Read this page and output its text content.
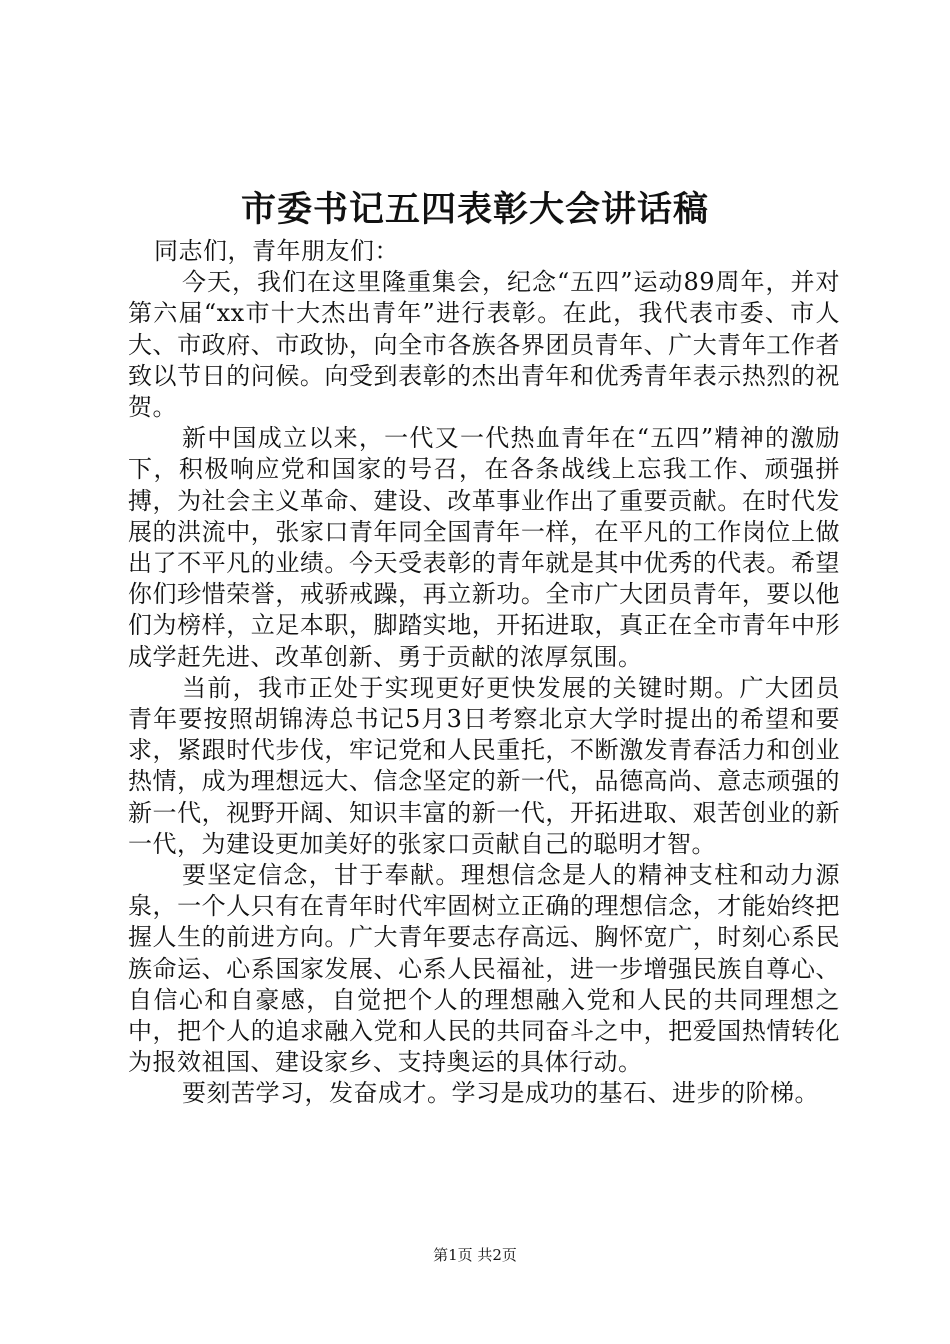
市委书记五四表彰大会讲话稿

同志们，青年朋友们：

今天，我们在这里隆重集会，纪念“五四”运动89周年，并对第六届“xx市十大杰出青年”进行表彰。在此，我代表市委、市人大、市政府、市政协，向全市各族各界团员青年、广大青年工作者致以节日的问候。向受到表彰的杰出青年和优秀青年表示热烈的祝贺。

新中国成立以来，一代又一代热血青年在“五四”精神的激励下，积极响应党和国家的号召，在各条战线上忘我工作、顽强拼搏，为社会主义革命、建设、改革事业作出了重要贡献。在时代发展的洪流中，张家口青年同全国青年一样，在平凡的工作岗位上做出了不平凡的业绩。今天受表彰的青年就是其中优秀的代表。希望你们珍惜荣誉，戒骄戒躁，再立新功。全市广大团员青年，要以他们为榜样，立足本职，脚踏实地，开拓进取，真正在全市青年中形成学赶先进、改革创新、勇于贡献的浓厚氛围。

当前，我市正处于实现更好更快发展的关键时期。广大团员青年要按照胡锦涛总书记5月3日考察北京大学时提出的希望和要求，紧跟时代步伐，牢记党和人民重托，不断激发青春活力和创业热情，成为理想远大、信念坚定的新一代，品德高尚、意志顽强的新一代，视野开阔、知识丰富的新一代，开拓进取、艰苦创业的新一代，为建设更加美好的张家口贡献自己的聪明才智。

要坚定信念，甘于奉献。理想信念是人的精神支柱和动力源泉，一个人只有在青年时代牢固树立正确的理想信念，才能始终把握人生的前进方向。广大青年要志存高远、胸怀宽广，时刻心系民族命运、心系国家发展、心系人民福祉，进一步增强民族自尊心、自信心和自豪感，自觉把个人的理想融入党和人民的共同理想之中，把个人的追求融入党和人民的共同奋斗之中，把爱国热情转化为报效祖国、建设家乡、支持奥运的具体行动。

要刻苦学习，发奋成才。学习是成功的基石、进步的阶梯。

第1页 共2页
